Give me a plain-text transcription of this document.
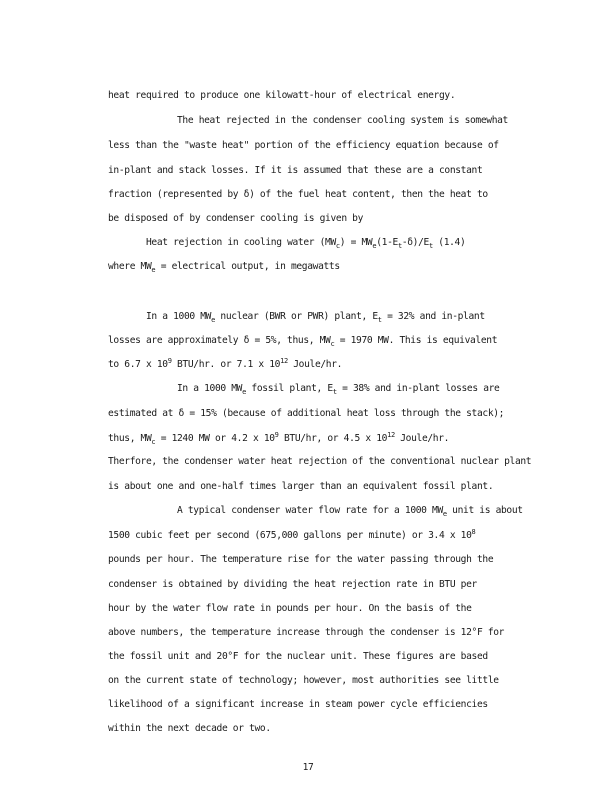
heat required to produce one kilowatt-hour of electrical energy.
The heat rejected in the condenser cooling system is somewhat
less than the "waste heat" portion of the efficiency equation because of
in-plant and stack losses. If it is assumed that these are a constant
fraction (represented by δ) of the fuel heat content, then the heat to
be disposed of by condenser cooling is given by
Heat rejection in cooling water $(MW_c) = MW_e(1-E_t-\delta)/E_t$ (1.4)
where $MW_e$ = electrical output, in megawatts
In a 1000 $MW_e$ nuclear (BWR or PWR) plant, $E_t = 32\%$ and in-plant
losses are approximately δ = 5%, thus, $MW_c = 1970$ MW. This is equivalent
to 6.7 x $10^9$ BTU/hr. or 7.1 x $10^{12}$ Joule/hr.
In a 1000 $MW_e$ fossil plant, $E_t = 38\%$ and in-plant losses are
estimated at δ = 15% (because of additional heat loss through the stack);
thus, $MW_c = 1240$ MW or 4.2 x $10^9$ BTU/hr, or 4.5 x $10^{12}$ Joule/hr.
Therfore, the condenser water heat rejection of the conventional nuclear plant
is about one and one-half times larger than an equivalent fossil plant.
A typical condenser water flow rate for a 1000 $MW_e$ unit is about
1500 cubic feet per second (675,000 gallons per minute) or 3.4 x $10^8$
pounds per hour. The temperature rise for the water passing through the
condenser is obtained by dividing the heat rejection rate in BTU per
hour by the water flow rate in pounds per hour. On the basis of the
above numbers, the temperature increase through the condenser is 12°F for
the fossil unit and 20°F for the nuclear unit. These figures are based
on the current state of technology; however, most authorities see little
likelihood of a significant increase in steam power cycle efficiencies
within the next decade or two.
17
